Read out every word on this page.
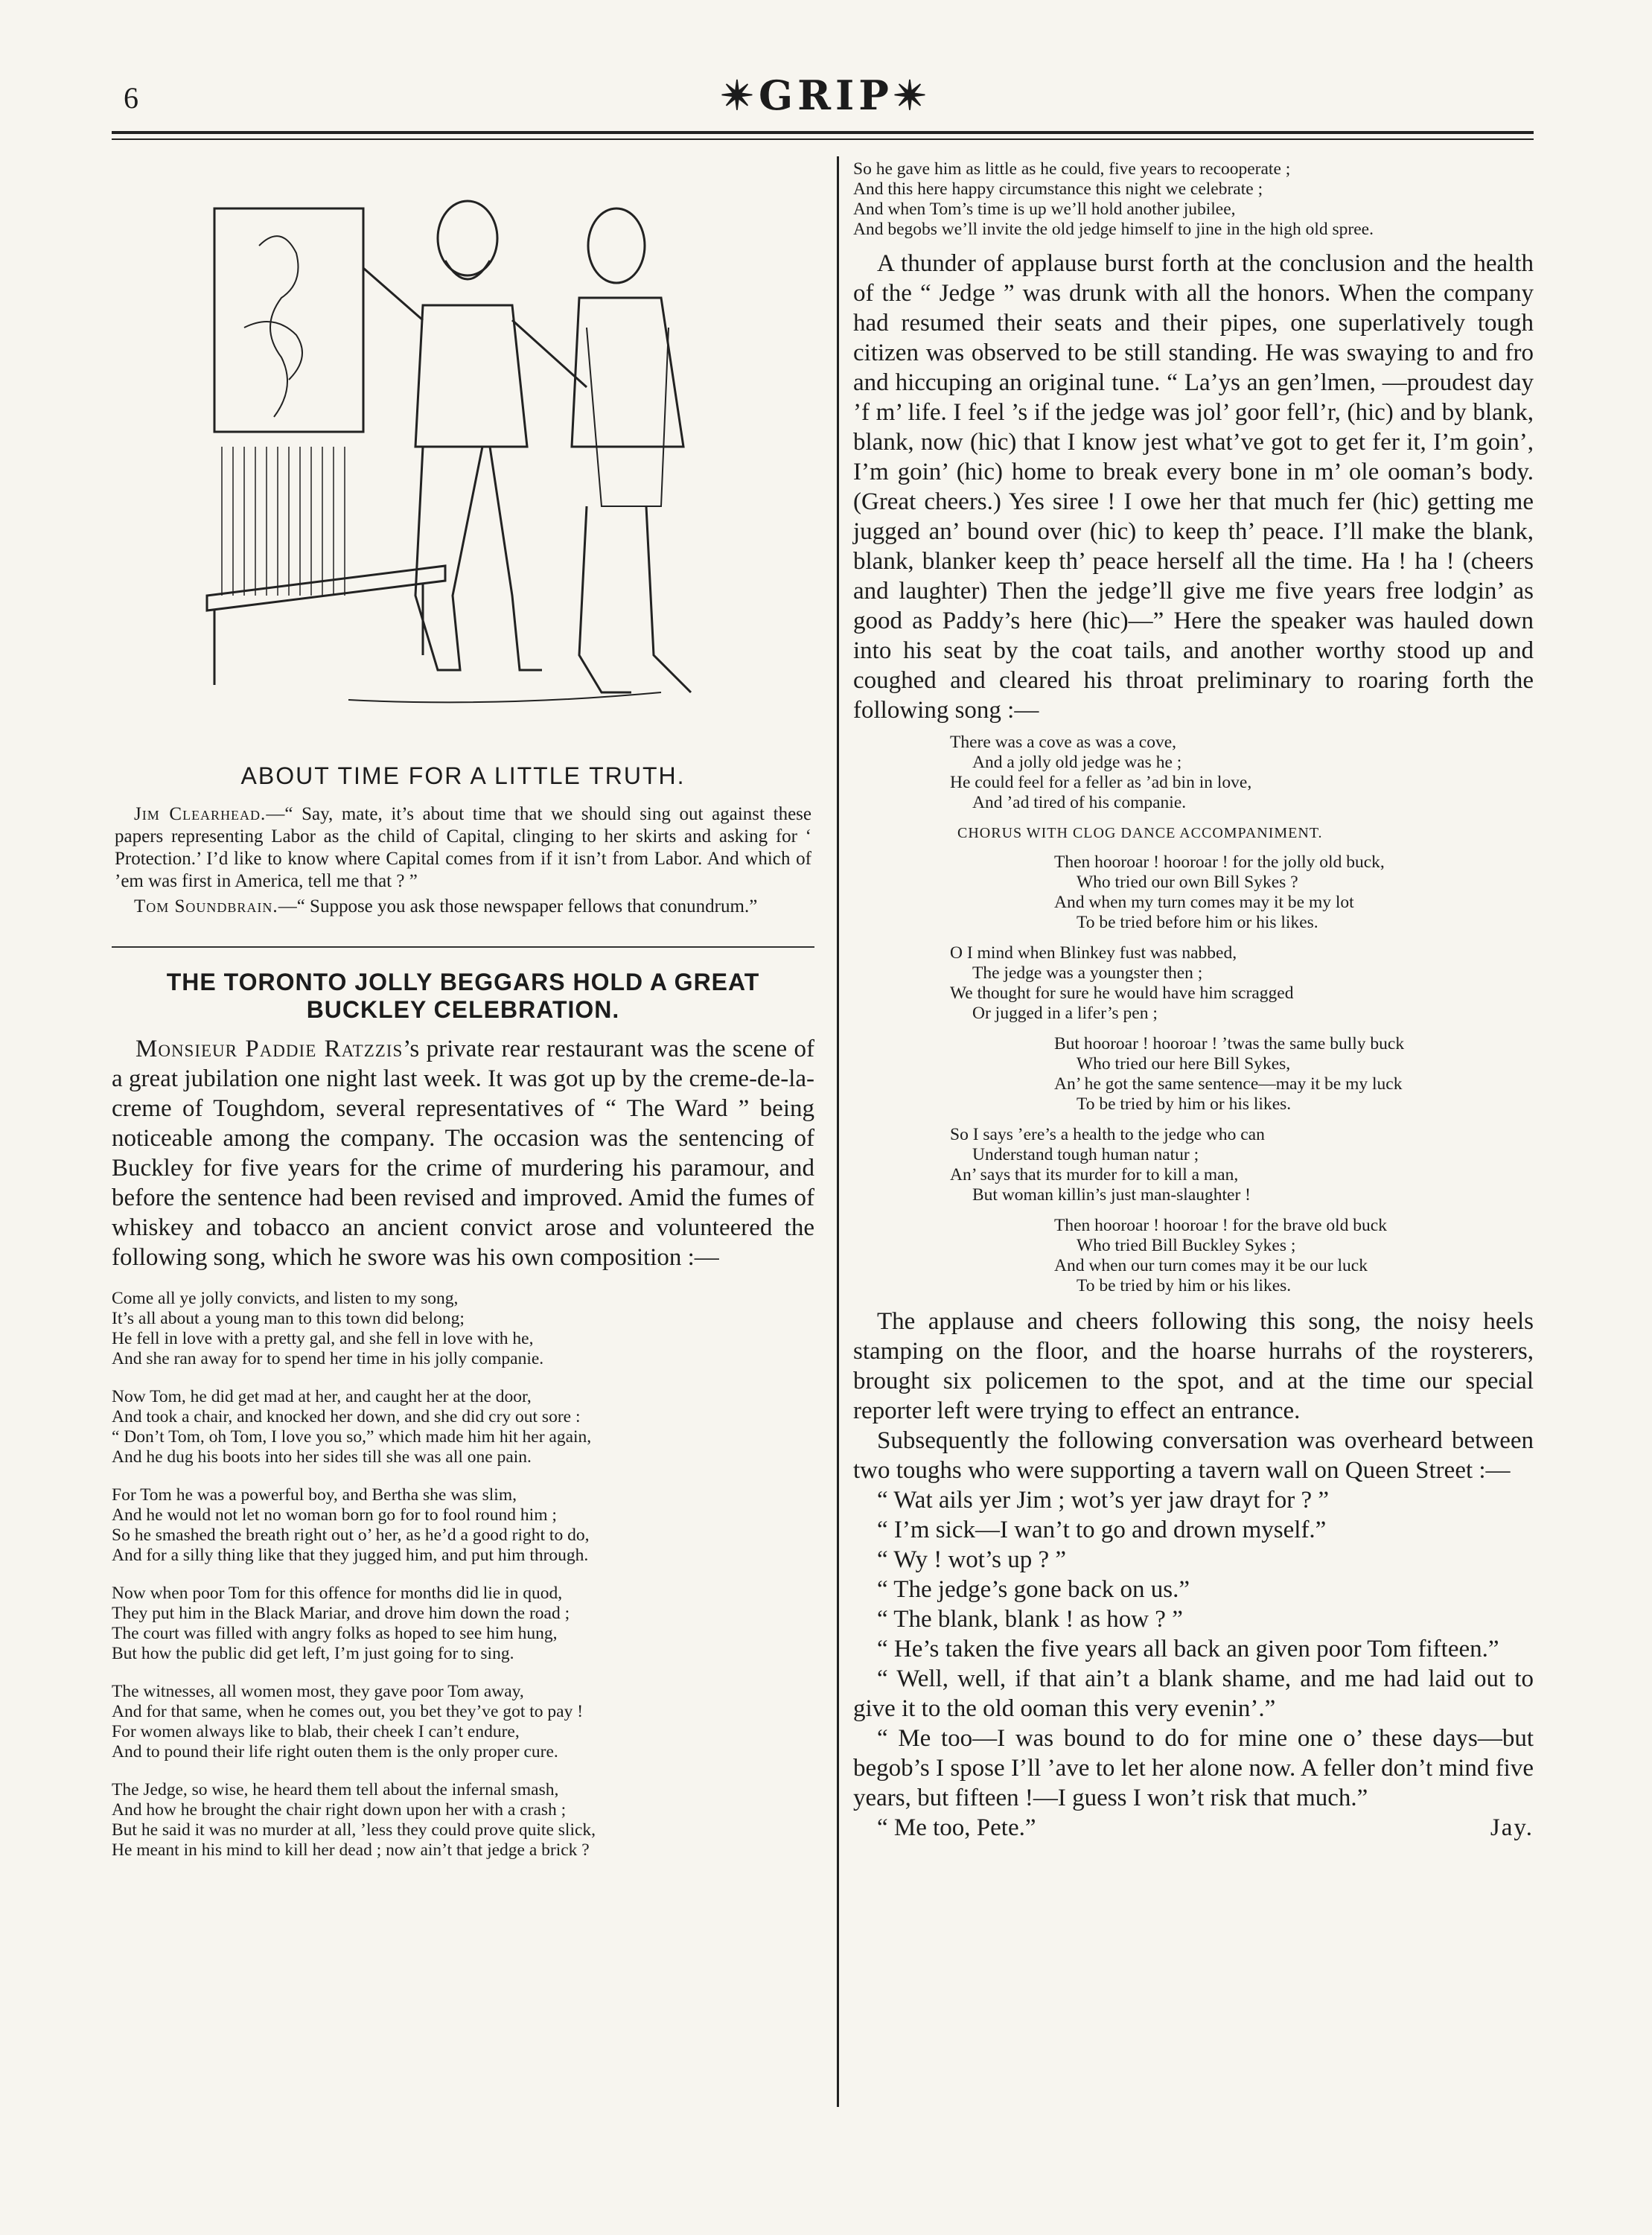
6	✴GRIP✴
ABOUT TIME FOR A LITTLE TRUTH.

Jim Clearhead.—“ Say, mate, it’s about time that we should sing out against these papers representing Labor as the child of Capital, clinging to her skirts and asking for ‘ Protection.’ I’d like to know where Capital comes from if it isn’t from Labor. And which of ’em was first in America, tell me that ? ”

Tom Soundbrain.—“ Suppose you ask those newspaper fellows that conundrum.”

THE TORONTO JOLLY BEGGARS HOLD A GREAT
BUCKLEY CELEBRATION.

Monsieur Paddie Ratzzis’s private rear restaurant was the scene of a great jubilation one night last week. It was got up by the creme-de-la-creme of Toughdom, several representatives of “ The Ward ” being noticeable among the company. The occasion was the sentencing of Buckley for five years for the crime of murdering his paramour, and before the sentence had been revised and improved. Amid the fumes of whiskey and tobacco an ancient convict arose and volunteered the following song, which he swore was his own composition :—

Come all ye jolly convicts, and listen to my song,
It’s all about a young man to this town did belong;
He fell in love with a pretty gal, and she fell in love with he,
And she ran away for to spend her time in his jolly companie.
Now Tom, he did get mad at her, and caught her at the door,
And took a chair, and knocked her down, and she did cry out sore :
“ Don’t Tom, oh Tom, I love you so,” which made him hit her again,
And he dug his boots into her sides till she was all one pain.
For Tom he was a powerful boy, and Bertha she was slim,
And he would not let no woman born go for to fool round him ;
So he smashed the breath right out o’ her, as he’d a good right to do,
And for a silly thing like that they jugged him, and put him through.
Now when poor Tom for this offence for months did lie in quod,
They put him in the Black Mariar, and drove him down the road ;
The court was filled with angry folks as hoped to see him hung,
But how the public did get left, I’m just going for to sing.
The witnesses, all women most, they gave poor Tom away,
And for that same, when he comes out, you bet they’ve got to pay !
For women always like to blab, their cheek I can’t endure,
And to pound their life right outen them is the only proper cure.
The Jedge, so wise, he heard them tell about the infernal smash,
And how he brought the chair right down upon her with a crash ;
But he said it was no murder at all, ’less they could prove quite slick,
He meant in his mind to kill her dead ; now ain’t that jedge a brick ?
So he gave him as little as he could, five years to recooperate ;
And this here happy circumstance this night we celebrate ;
And when Tom’s time is up we’ll hold another jubilee,
And begobs we’ll invite the old jedge himself to jine in the high old spree.

A thunder of applause burst forth at the conclusion and the health of the “ Jedge ” was drunk with all the honors. When the company had resumed their seats and their pipes, one superlatively tough citizen was observed to be still standing. He was swaying to and fro and hiccuping an original tune. “ La’ys an gen’lmen, —proudest day ’f m’ life. I feel ’s if the jedge was jol’ goor fell’r, (hic) and by blank, blank, now (hic) that I know jest what’ve got to get fer it, I’m goin’, I’m goin’ (hic) home to break every bone in m’ ole ooman’s body. (Great cheers.) Yes siree ! I owe her that much fer (hic) getting me jugged an’ bound over (hic) to keep th’ peace. I’ll make the blank, blank, blanker keep th’ peace herself all the time. Ha ! ha ! (cheers and laughter) Then the jedge’ll give me five years free lodgin’ as good as Paddy’s here (hic)—” Here the speaker was hauled down into his seat by the coat tails, and another worthy stood up and coughed and cleared his throat preliminary to roaring forth the following song :—

There was a cove as was a cove,
And a jolly old jedge was he ;
He could feel for a feller as ’ad bin in love,
And ’ad tired of his companie.
CHORUS WITH CLOG DANCE ACCOMPANIMENT.
Then hooroar ! hooroar ! for the jolly old buck,
Who tried our own Bill Sykes ?
And when my turn comes may it be my lot
To be tried before him or his likes.
O I mind when Blinkey fust was nabbed,
The jedge was a youngster then ;
We thought for sure he would have him scragged
Or jugged in a lifer’s pen ;
But hooroar ! hooroar ! ’twas the same bully buck
Who tried our here Bill Sykes,
An’ he got the same sentence—may it be my luck
To be tried by him or his likes.
So I says ’ere’s a health to the jedge who can
Understand tough human natur ;
An’ says that its murder for to kill a man,
But woman killin’s just man-slaughter !
Then hooroar ! hooroar ! for the brave old buck
Who tried Bill Buckley Sykes ;
And when our turn comes may it be our luck
To be tried by him or his likes.

The applause and cheers following this song, the noisy heels stamping on the floor, and the hoarse hurrahs of the roysterers, brought six policemen to the spot, and at the time our special reporter left were trying to effect an entrance.

Subsequently the following conversation was overheard between two toughs who were supporting a tavern wall on Queen Street :—

“ Wat ails yer Jim ; wot’s yer jaw drayt for ? ”

“ I’m sick—I wan’t to go and drown myself.”

“ Wy ! wot’s up ? ”

“ The jedge’s gone back on us.”

“ The blank, blank ! as how ? ”

“ He’s taken the five years all back an given poor Tom fifteen.”

“ Well, well, if that ain’t a blank shame, and me had laid out to give it to the old ooman this very evenin’.”

“ Me too—I was bound to do for mine one o’ these days—but begob’s I spose I’ll ’ave to let her alone now. A feller don’t mind five years, but fifteen !—I guess I won’t risk that much.”

“ Me too, Pete.”	Jay.
